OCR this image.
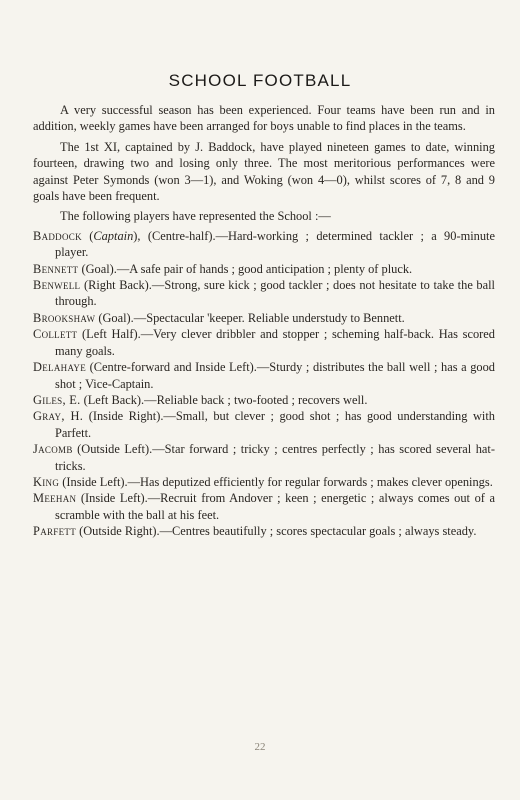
SCHOOL FOOTBALL

A very successful season has been experienced. Four teams have been run and in addition, weekly games have been arranged for boys unable to find places in the teams.

The 1st XI, captained by J. Baddock, have played nineteen games to date, winning fourteen, drawing two and losing only three. The most meritorious performances were against Peter Symonds (won 3—1), and Woking (won 4—0), whilst scores of 7, 8 and 9 goals have been frequent.

The following players have represented the School :—

Baddock (Captain), (Centre-half).—Hard-working ; determined tackler ; a 90-minute player.

Bennett (Goal).—A safe pair of hands ; good anticipation ; plenty of pluck.

Benwell (Right Back).—Strong, sure kick ; good tackler ; does not hesitate to take the ball through.

Brookshaw (Goal).—Spectacular 'keeper. Reliable understudy to Bennett.

Collett (Left Half).—Very clever dribbler and stopper ; scheming half-back. Has scored many goals.

Delahaye (Centre-forward and Inside Left).—Sturdy ; distributes the ball well ; has a good shot ; Vice-Captain.

Giles, E. (Left Back).—Reliable back ; two-footed ; recovers well.

Gray, H. (Inside Right).—Small, but clever ; good shot ; has good understanding with Parfett.

Jacomb (Outside Left).—Star forward ; tricky ; centres perfectly ; has scored several hat-tricks.

King (Inside Left).—Has deputized efficiently for regular forwards ; makes clever openings.

Meehan (Inside Left).—Recruit from Andover ; keen ; energetic ; always comes out of a scramble with the ball at his feet.

Parfett (Outside Right).—Centres beautifully ; scores spectacular goals ; always steady.

22
